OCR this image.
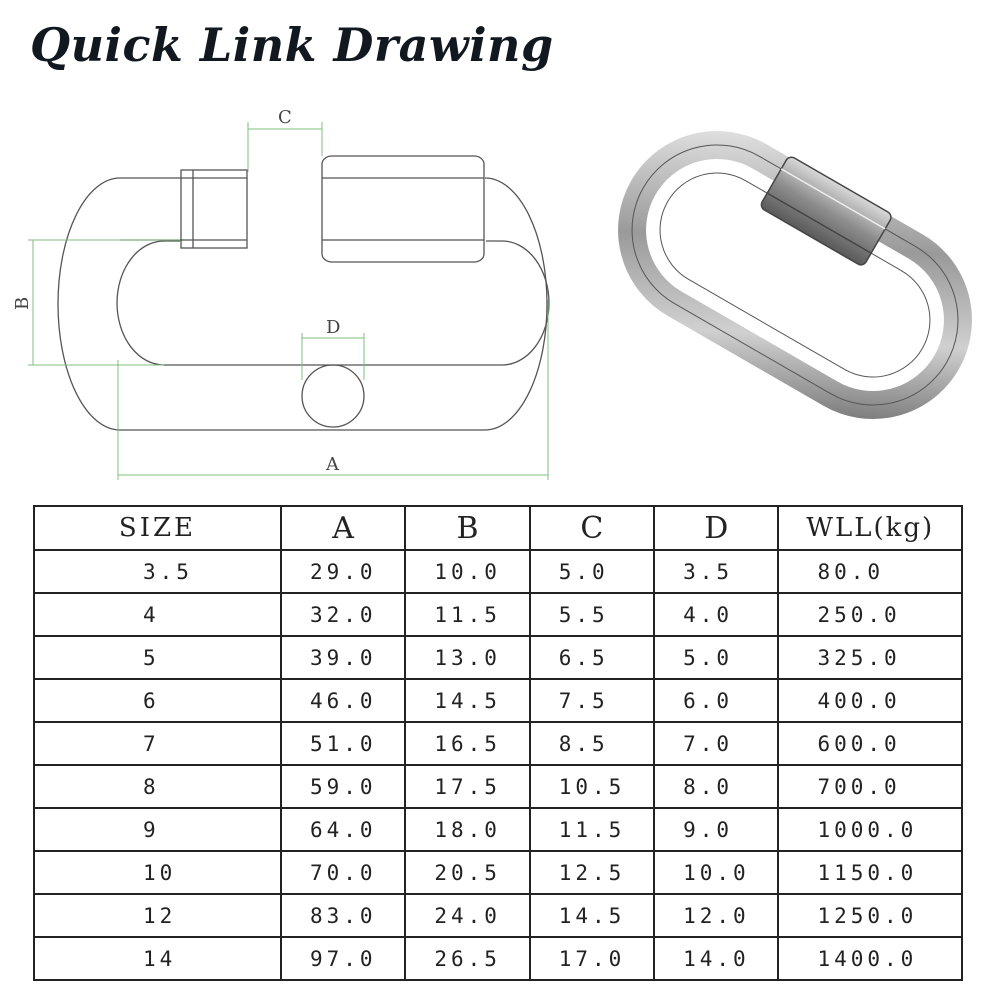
Quick Link Drawing
C
B
D
A
SIZE	A	B	C	D	WLL(kg)
3.5	29.0	10.0	5.0	3.5	80.0
4	32.0	11.5	5.5	4.0	250.0
5	39.0	13.0	6.5	5.0	325.0
6	46.0	14.5	7.5	6.0	400.0
7	51.0	16.5	8.5	7.0	600.0
8	59.0	17.5	10.5	8.0	700.0
9	64.0	18.0	11.5	9.0	1000.0
10	70.0	20.5	12.5	10.0	1150.0
12	83.0	24.0	14.5	12.0	1250.0
14	97.0	26.5	17.0	14.0	1400.0
